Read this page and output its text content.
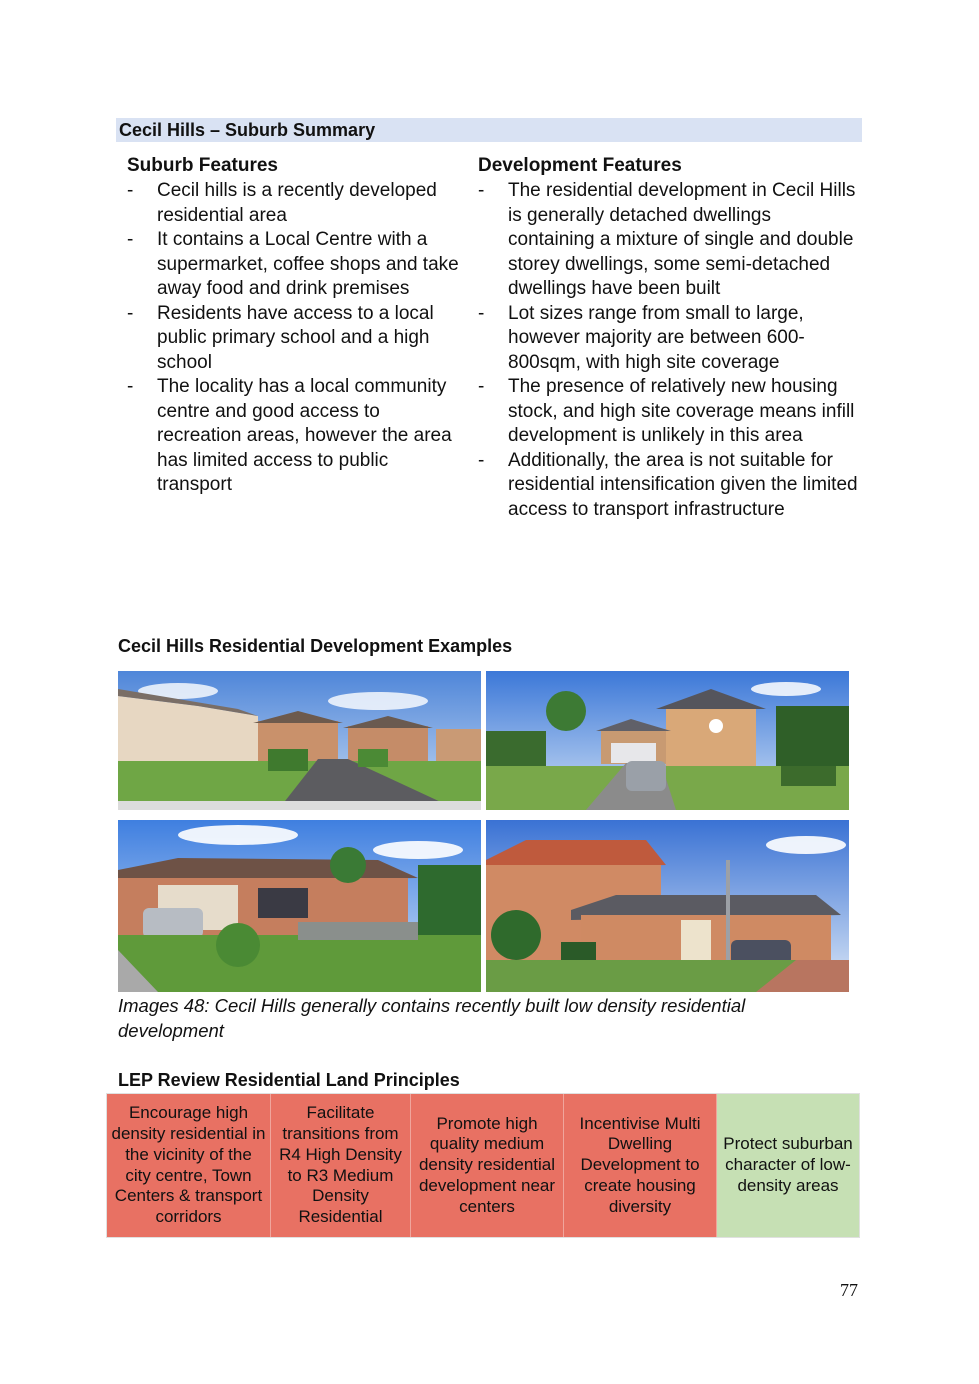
Cecil Hills – Suburb Summary
Suburb Features
- Cecil hills is a recently developed residential area
- It contains a Local Centre with a supermarket, coffee shops and take away food and drink premises
- Residents have access to a local public primary school and a high school
- The locality has a local community centre and good access to recreation areas, however the area has limited access to public transport
Development Features
- The residential development in Cecil Hills is generally detached dwellings containing a mixture of single and double storey dwellings, some semi-detached dwellings have been built
- Lot sizes range from small to large, however majority are between 600-800sqm, with high site coverage
- The presence of relatively new housing stock, and high site coverage means infill development is unlikely in this area
- Additionally, the area is not suitable for residential intensification given the limited access to transport infrastructure
Cecil Hills Residential Development Examples
Images 48: Cecil Hills generally contains recently built low density residential development
LEP Review Residential Land Principles
Encourage high density residential in the vicinity of the city centre, Town Centers & transport corridors
Facilitate transitions from R4 High Density to R3 Medium Density Residential
Promote high quality medium density residential development near centers
Incentivise Multi Dwelling Development to create housing diversity
Protect suburban character of low-density areas
77
